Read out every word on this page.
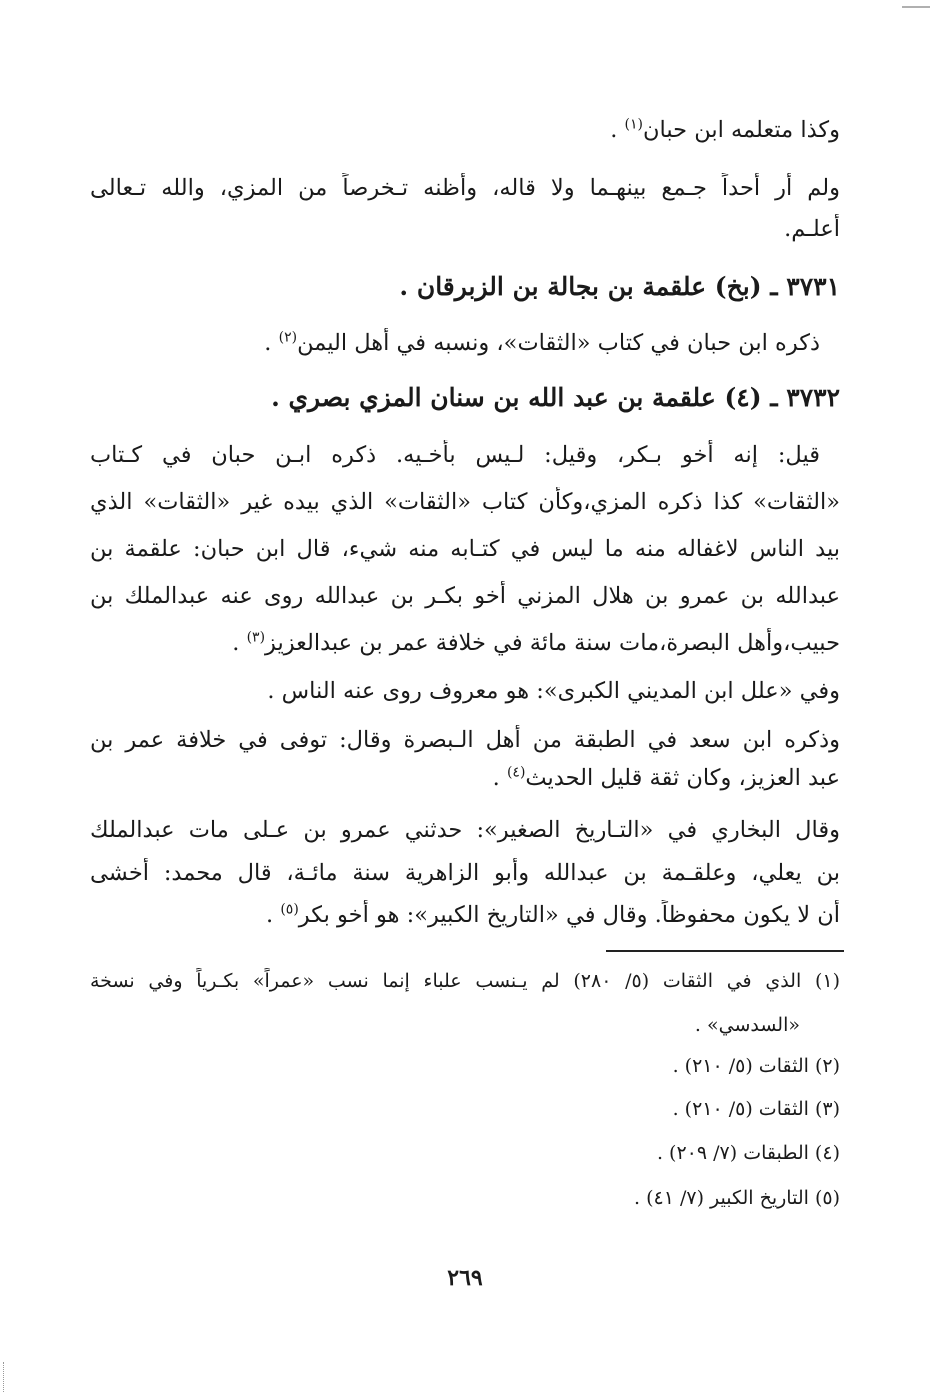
وكذا متعلمه ابن حبان$^{(١)}$ .
ولم أر أحداً جـمع بينهـما ولا قاله، وأظنه تـخرصاً من المزي، والله تـعالى
أعلـم.
٣٧٣١ ـ (بخ) علقمة بن بجالة بن الزبرقان .
ذكره ابن حبان في كتاب «الثقات»، ونسبه في أهل اليمن$^{(٢)}$ .
٣٧٣٢ ـ (٤) علقمة بن عبد الله بن سنان المزي بصري .
قيل: إنه أخو بـكر، وقيل: لـيس بأخـيه. ذكره ابـن حبان في كـتاب
«الثقات» كذا ذكره المزي،وكأن كتاب «الثقات» الذي بيده غير «الثقات» الذي
بيد الناس لاغفاله منه ما ليس في كتـابه منه شيء، قال ابن حبان: علقمة بن
عبدالله بن عمرو بن هلال المزني أخو بكـر بن عبدالله روى عنه عبدالملك بن
حبيب،وأهل البصرة،مات سنة مائة في خلافة عمر بن عبدالعزيز$^{(٣)}$ .
وفي «علل ابن المديني الكبرى»: هو معروف روى عنه الناس .
وذكره ابن سعد في الطبقة من أهل الـبصرة وقال: توفى في خلافة عمر بن
عبد العزيز، وكان ثقة قليل الحديث$^{(٤)}$ .
وقال البخاري في «التـاريخ الصغير»: حدثني عمرو بن عـلى مات عبدالملك
بن يعلي، وعلقـمة بن عبدالله وأبو الزاهرية سنة مائـة، قال محمد: أخشى
أن لا يكون محفوظاً. وقال في «التاريخ الكبير»: هو أخو بكر$^{(٥)}$ .
(١) الذي في الثقات (٥/ ٢٨٠) لم يـنسب علباء إنما نسب «عمراً» بكـرياً وفي نسخة
«السدسي» .
(٢) الثقات (٥/ ٢١٠) .
(٣) الثقات (٥/ ٢١٠) .
(٤) الطبقات (٧/ ٢٠٩) .
(٥) التاريخ الكبير (٧/ ٤١) .
٢٦٩
